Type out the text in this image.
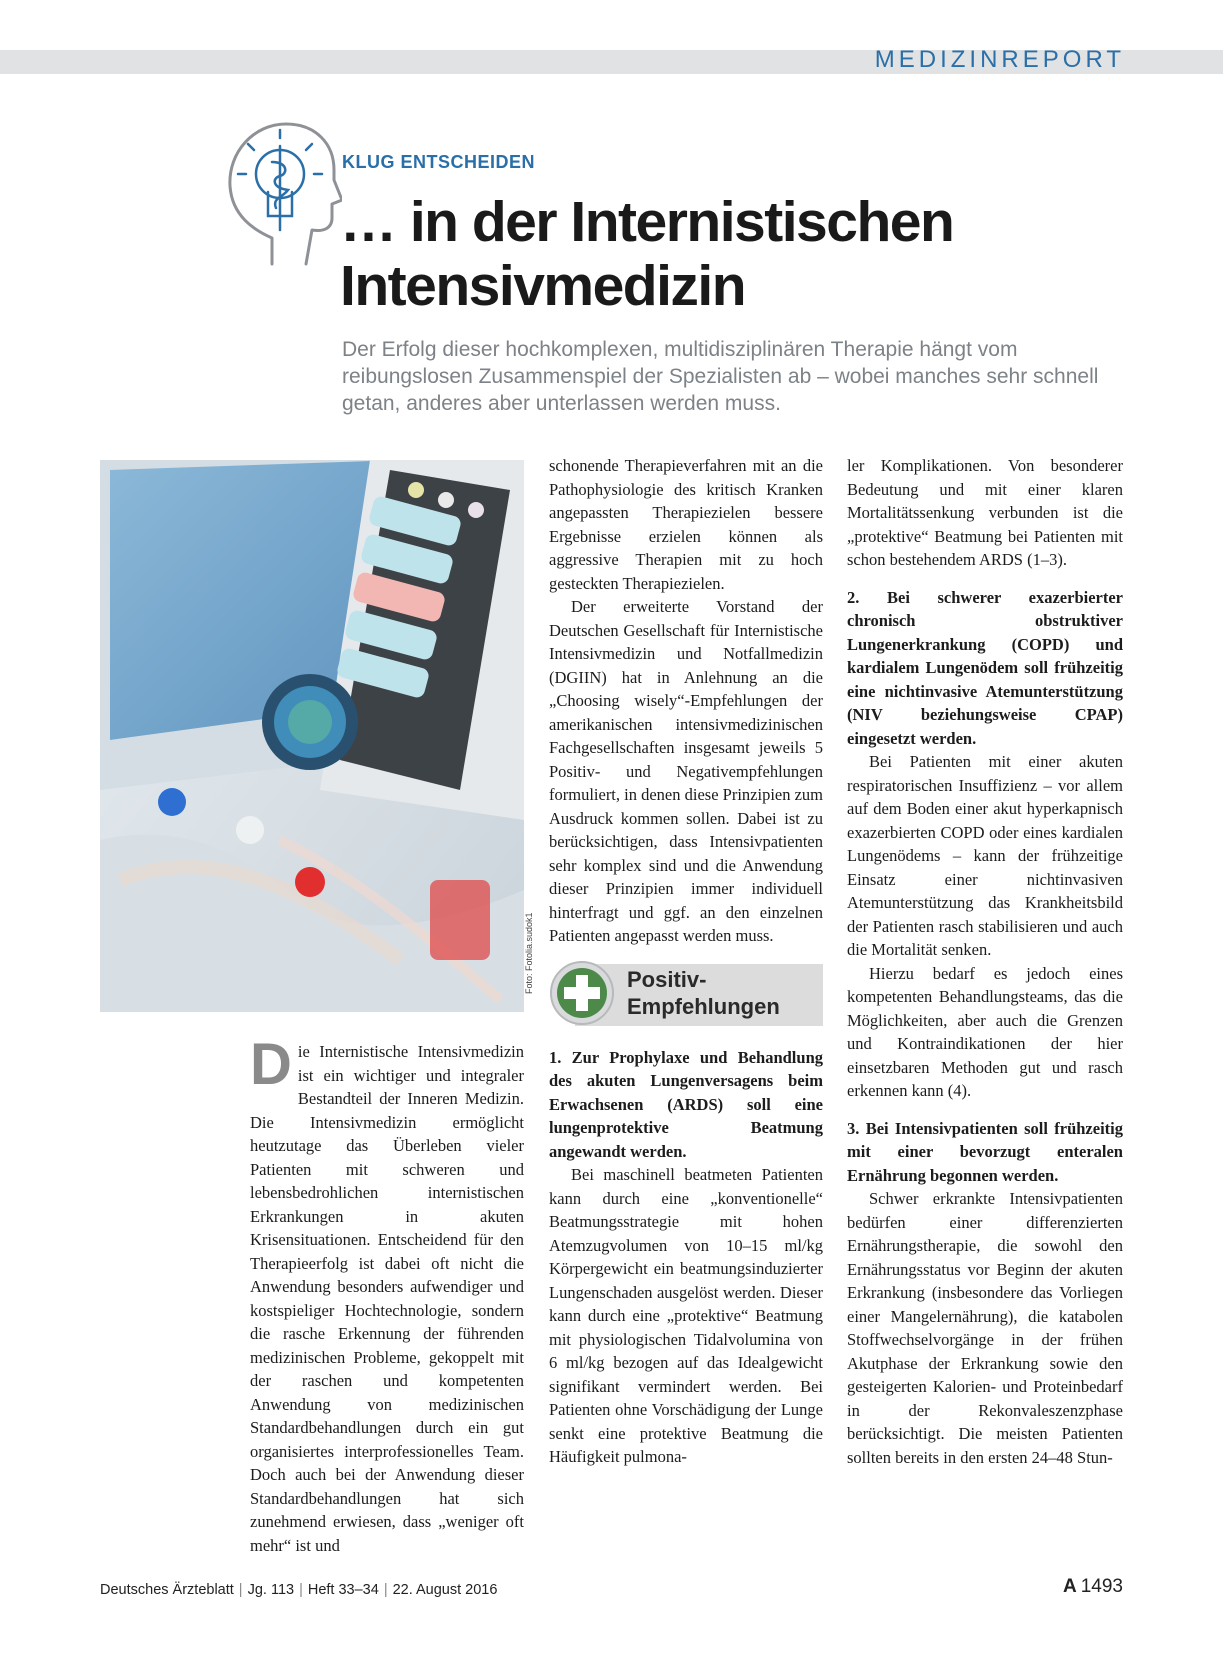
MEDIZINREPORT
KLUG ENTSCHEIDEN
… in der Internistischen
Intensivmedizin

Der Erfolg dieser hochkomplexen, multidisziplinären Therapie hängt vom reibungslosen Zusammenspiel der Spezialisten ab – wobei manches sehr schnell getan, anderes aber unterlassen werden muss.

Foto: Fotolia.sudok1

Die Internistische Intensivmedizin ist ein wichtiger und integraler Bestandteil der Inneren Medizin. Die Intensivmedizin ermöglicht heutzutage das Überleben vieler Patienten mit schweren und lebensbedrohlichen internistischen Erkrankungen in akuten Krisensituationen. Entscheidend für den Therapieerfolg ist dabei oft nicht die Anwendung besonders aufwendiger und kostspieliger Hochtechnologie, sondern die rasche Erkennung der führenden medizinischen Probleme, gekoppelt mit der raschen und kompetenten Anwendung von medizinischen Standardbehandlungen durch ein gut organisiertes interprofessionelles Team. Doch auch bei der Anwendung dieser Standardbehandlungen hat sich zunehmend erwiesen, dass „weniger oft mehr“ ist und

schonende Therapieverfahren mit an die Pathophysiologie des kritisch Kranken angepassten Therapiezielen bessere Ergebnisse erzielen können als aggressive Therapien mit zu hoch gesteckten Therapiezielen.

Der erweiterte Vorstand der Deutschen Gesellschaft für Internistische Intensivmedizin und Notfallmedizin (DGIIN) hat in Anlehnung an die „Choosing wisely“-Empfehlungen der amerikanischen intensivmedizinischen Fachgesellschaften insgesamt jeweils 5 Positiv- und Negativempfehlungen formuliert, in denen diese Prinzipien zum Ausdruck kommen sollen. Dabei ist zu berücksichtigen, dass Intensivpatienten sehr komplex sind und die Anwendung dieser Prinzipien immer individuell hinterfragt und ggf. an den einzelnen Patienten angepasst werden muss.

Positiv-
Empfehlungen

1. Zur Prophylaxe und Behandlung des akuten Lungenversagens beim Erwachsenen (ARDS) soll eine lungenprotektive Beatmung angewandt werden.

Bei maschinell beatmeten Patienten kann durch eine „konventionelle“ Beatmungsstrategie mit hohen Atemzugvolumen von 10–15 ml/kg Körpergewicht ein beatmungsinduzierter Lungenschaden ausgelöst werden. Dieser kann durch eine „protektive“ Beatmung mit physiologischen Tidalvolumina von 6 ml/kg bezogen auf das Idealgewicht signifikant vermindert werden. Bei Patienten ohne Vorschädigung der Lunge senkt eine protektive Beatmung die Häufigkeit pulmona-

ler Komplikationen. Von besonderer Bedeutung und mit einer klaren Mortalitätssenkung verbunden ist die „protektive“ Beatmung bei Patienten mit schon bestehendem ARDS (1–3).

2. Bei schwerer exazerbierter chronisch obstruktiver Lungenerkrankung (COPD) und kardialem Lungenödem soll frühzeitig eine nichtinvasive Atemunterstützung (NIV beziehungsweise CPAP) eingesetzt werden.

Bei Patienten mit einer akuten respiratorischen Insuffizienz – vor allem auf dem Boden einer akut hyperkapnisch exazerbierten COPD oder eines kardialen Lungenödems – kann der frühzeitige Einsatz einer nichtinvasiven Atemunterstützung das Krankheitsbild der Patienten rasch stabilisieren und auch die Mortalität senken.

Hierzu bedarf es jedoch eines kompetenten Behandlungsteams, das die Möglichkeiten, aber auch die Grenzen und Kontraindikationen der hier einsetzbaren Methoden gut und rasch erkennen kann (4).

3. Bei Intensivpatienten soll frühzeitig mit einer bevorzugt enteralen Ernährung begonnen werden.

Schwer erkrankte Intensivpatienten bedürfen einer differenzierten Ernährungstherapie, die sowohl den Ernährungsstatus vor Beginn der akuten Erkrankung (insbesondere das Vorliegen einer Mangelernährung), die katabolen Stoffwechselvorgänge in der frühen Akutphase der Erkrankung sowie den gesteigerten Kalorien- und Proteinbedarf in der Rekonvaleszenzphase berücksichtigt. Die meisten Patienten sollten bereits in den ersten 24–48 Stun-

Deutsches Ärzteblatt | Jg. 113 | Heft 33–34 | 22. August 2016	A 1493
